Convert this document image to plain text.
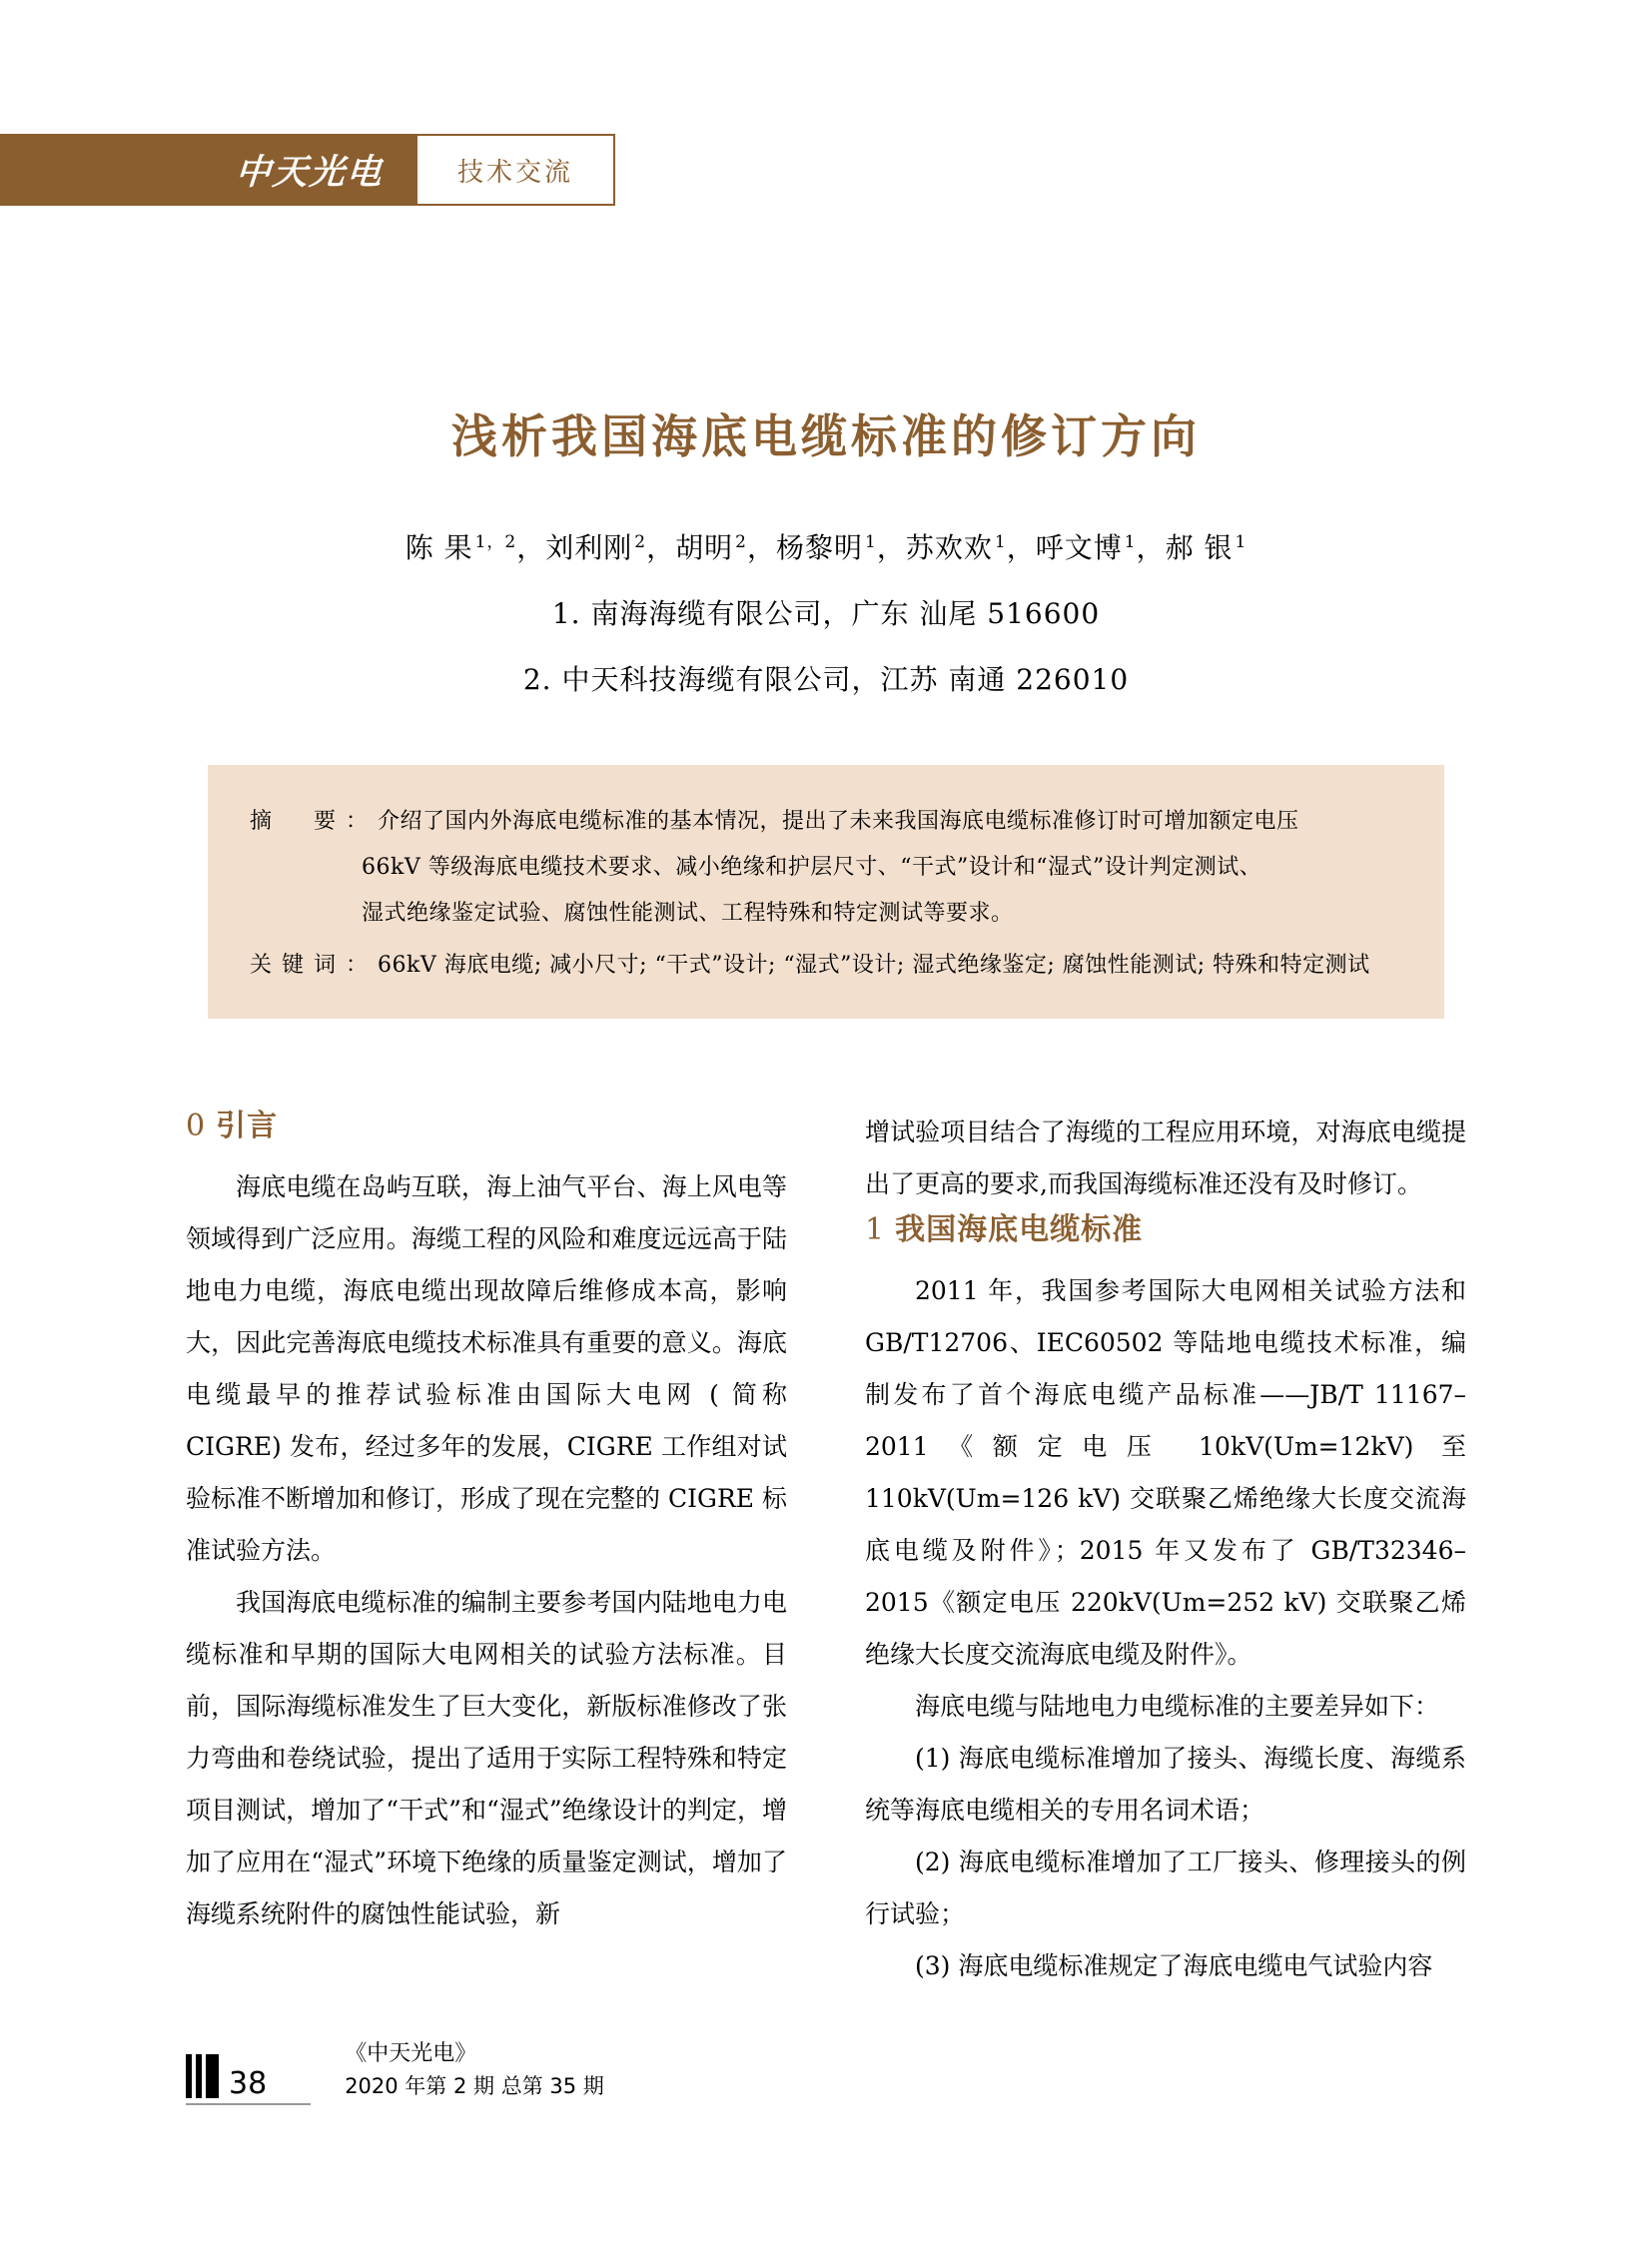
中天光电	技术交流
浅析我国海底电缆标准的修订方向
陈 果 $^{1,2}$，刘利刚 $^2$，胡明 $^2$，杨黎明 $^1$，苏欢欢 $^1$，呼文博 $^1$，郝 银 $^1$
1. 南海海缆有限公司，广东 汕尾 516600
2. 中天科技海缆有限公司，江苏 南通 226010
摘　要： 介绍了国内外海底电缆标准的基本情况，提出了未来我国海底电缆标准修订时可增加额定电压
66kV 等级海底电缆技术要求、减小绝缘和护层尺寸、“干式”设计和“湿式”设计判定测试、
湿式绝缘鉴定试验、腐蚀性能测试、工程特殊和特定测试等要求。
关键词： 66kV 海底电缆; 减小尺寸; “干式”设计; “湿式”设计; 湿式绝缘鉴定; 腐蚀性能测试; 特殊和特定测试
0 引言

海底电缆在岛屿互联，海上油气平台、海上风电等领域得到广泛应用。海缆工程的风险和难度远远高于陆地电力电缆，海底电缆出现故障后维修成本高，影响大，因此完善海底电缆技术标准具有重要的意义。海底电缆最早的推荐试验标准由国际大电网 ( 简称 CIGRE) 发布，经过多年的发展，CIGRE 工作组对试验标准不断增加和修订，形成了现在完整的 CIGRE 标准试验方法。

我国海底电缆标准的编制主要参考国内陆地电力电缆标准和早期的国际大电网相关的试验方法标准。目前，国际海缆标准发生了巨大变化，新版标准修改了张力弯曲和卷绕试验，提出了适用于实际工程特殊和特定项目测试，增加了“干式”和“湿式”绝缘设计的判定，增加了应用在“湿式”环境下绝缘的质量鉴定测试，增加了海缆系统附件的腐蚀性能试验，新

增试验项目结合了海缆的工程应用环境，对海底电缆提出了更高的要求,而我国海缆标准还没有及时修订。

1 我国海底电缆标准

2011 年，我国参考国际大电网相关试验方法和 GB/T12706、IEC60502 等陆地电缆技术标准，编制发布了首个海底电缆产品标准——JB/T 11167–2011《额定电压 10kV(Um=12kV) 至 110kV(Um=126 kV) 交联聚乙烯绝缘大长度交流海底电缆及附件》；2015 年又发布了 GB/T32346–2015《额定电压 220kV(Um=252 kV) 交联聚乙烯绝缘大长度交流海底电缆及附件》。

海底电缆与陆地电力电缆标准的主要差异如下：

(1) 海底电缆标准增加了接头、海缆长度、海缆系统等海底电缆相关的专用名词术语；

(2) 海底电缆标准增加了工厂接头、修理接头的例行试验；

(3) 海底电缆标准规定了海底电缆电气试验内容

38
《中天光电》
2020 年第 2 期 总第 35 期
